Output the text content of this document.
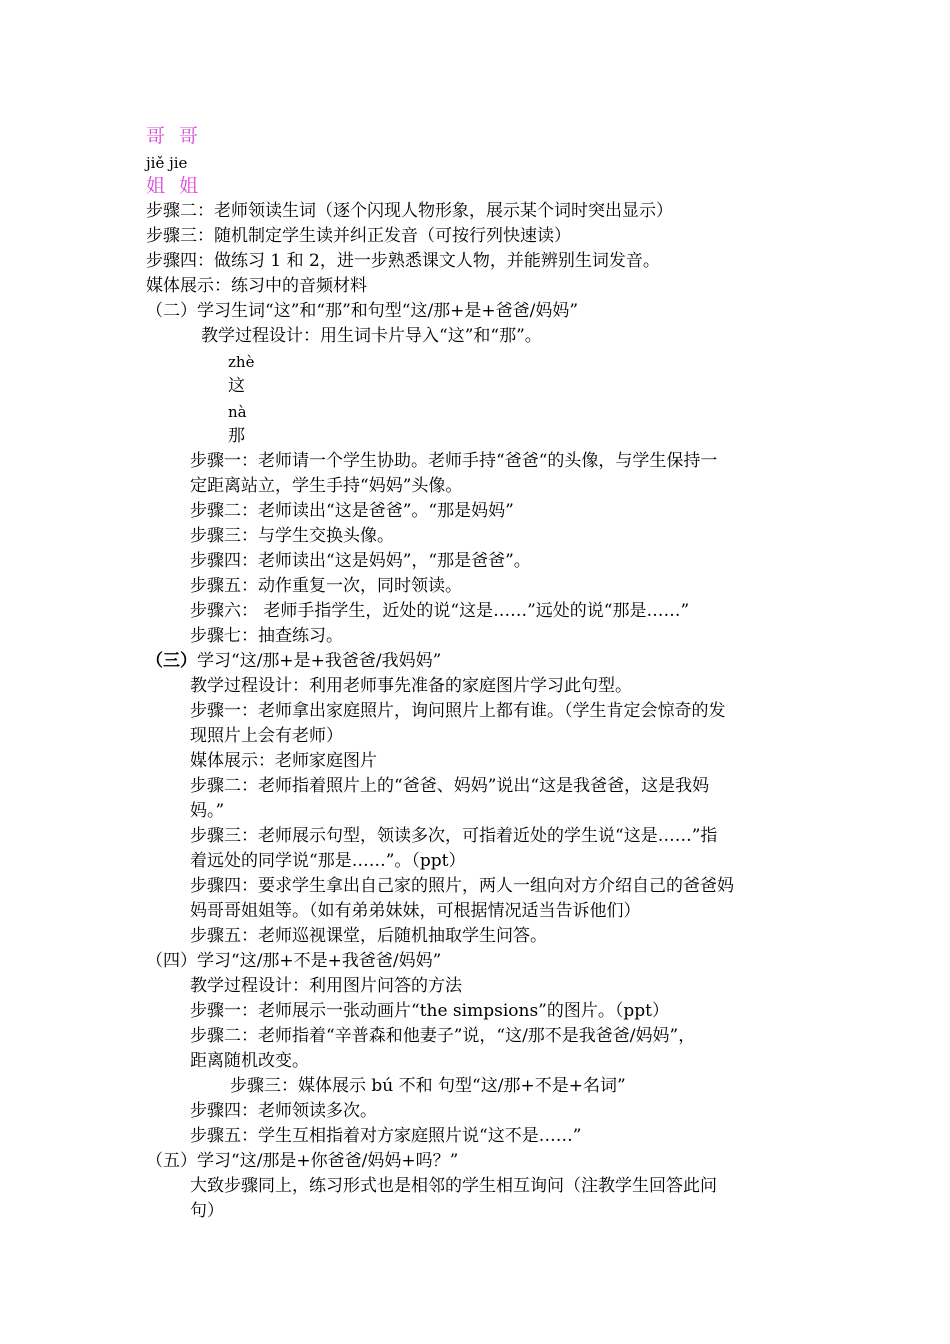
哥 哥
jiě jie
姐 姐
步骤二：老师领读生词（逐个闪现人物形象，展示某个词时突出显示）
步骤三：随机制定学生读并纠正发音（可按行列快速读）
步骤四：做练习 1 和 2，进一步熟悉课文人物，并能辨别生词发音。
媒体展示：练习中的音频材料
（二）学习生词“这”和“那”和句型“这/那+是+爸爸/妈妈”
教学过程设计：用生词卡片导入“这”和“那”。
zhè
这
nà
那
步骤一：老师请一个学生协助。老师手持“爸爸“的头像，与学生保持一
定距离站立，学生手持“妈妈”头像。
步骤二：老师读出“这是爸爸”。“那是妈妈”
步骤三：与学生交换头像。
步骤四：老师读出“这是妈妈”，“那是爸爸”。
步骤五：动作重复一次，同时领读。
步骤六： 老师手指学生，近处的说“这是……”远处的说“那是……”
步骤七：抽查练习。
（三）学习“这/那+是+我爸爸/我妈妈”
教学过程设计：利用老师事先准备的家庭图片学习此句型。
步骤一：老师拿出家庭照片，询问照片上都有谁。（学生肯定会惊奇的发
现照片上会有老师）
媒体展示：老师家庭图片
步骤二：老师指着照片上的“爸爸、妈妈”说出“这是我爸爸，这是我妈
妈。”
步骤三：老师展示句型，领读多次，可指着近处的学生说“这是……”指
着远处的同学说“那是……”。（ppt）
步骤四：要求学生拿出自己家的照片，两人一组向对方介绍自己的爸爸妈
妈哥哥姐姐等。（如有弟弟妹妹，可根据情况适当告诉他们）
步骤五：老师巡视课堂，后随机抽取学生问答。
（四）学习“这/那+不是+我爸爸/妈妈”
教学过程设计：利用图片问答的方法
步骤一：老师展示一张动画片“the simpsions”的图片。（ppt）
步骤二：老师指着“辛普森和他妻子”说，“这/那不是我爸爸/妈妈”，
距离随机改变。
步骤三：媒体展示 bú 不和 句型“这/那+不是+名词”
步骤四：老师领读多次。
步骤五：学生互相指着对方家庭照片说“这不是……”
（五）学习“这/那是+你爸爸/妈妈+吗？”
大致步骤同上，练习形式也是相邻的学生相互询问（注教学生回答此问
句）
